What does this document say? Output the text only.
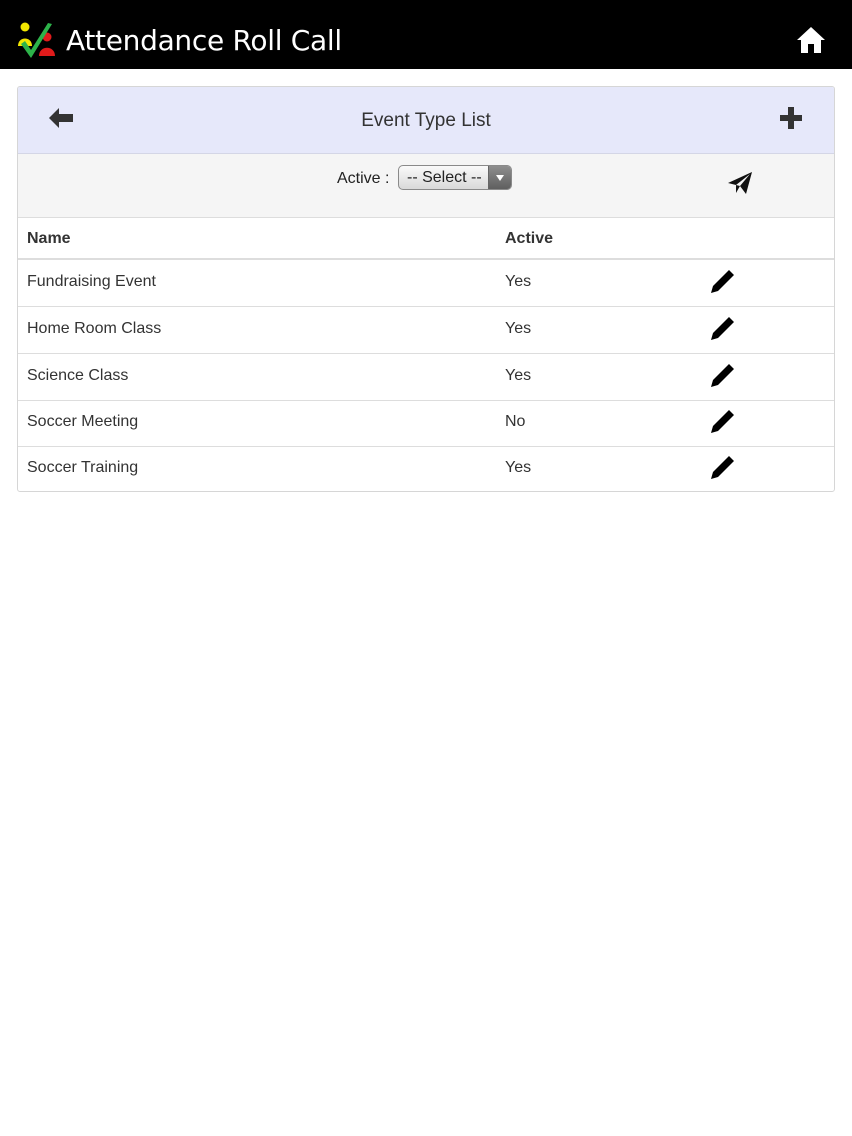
Attendance Roll Call
Event Type List
Active : -- Select --
Name	Active
Fundraising Event	Yes
Home Room Class	Yes
Science Class	Yes
Soccer Meeting	No
Soccer Training	Yes
